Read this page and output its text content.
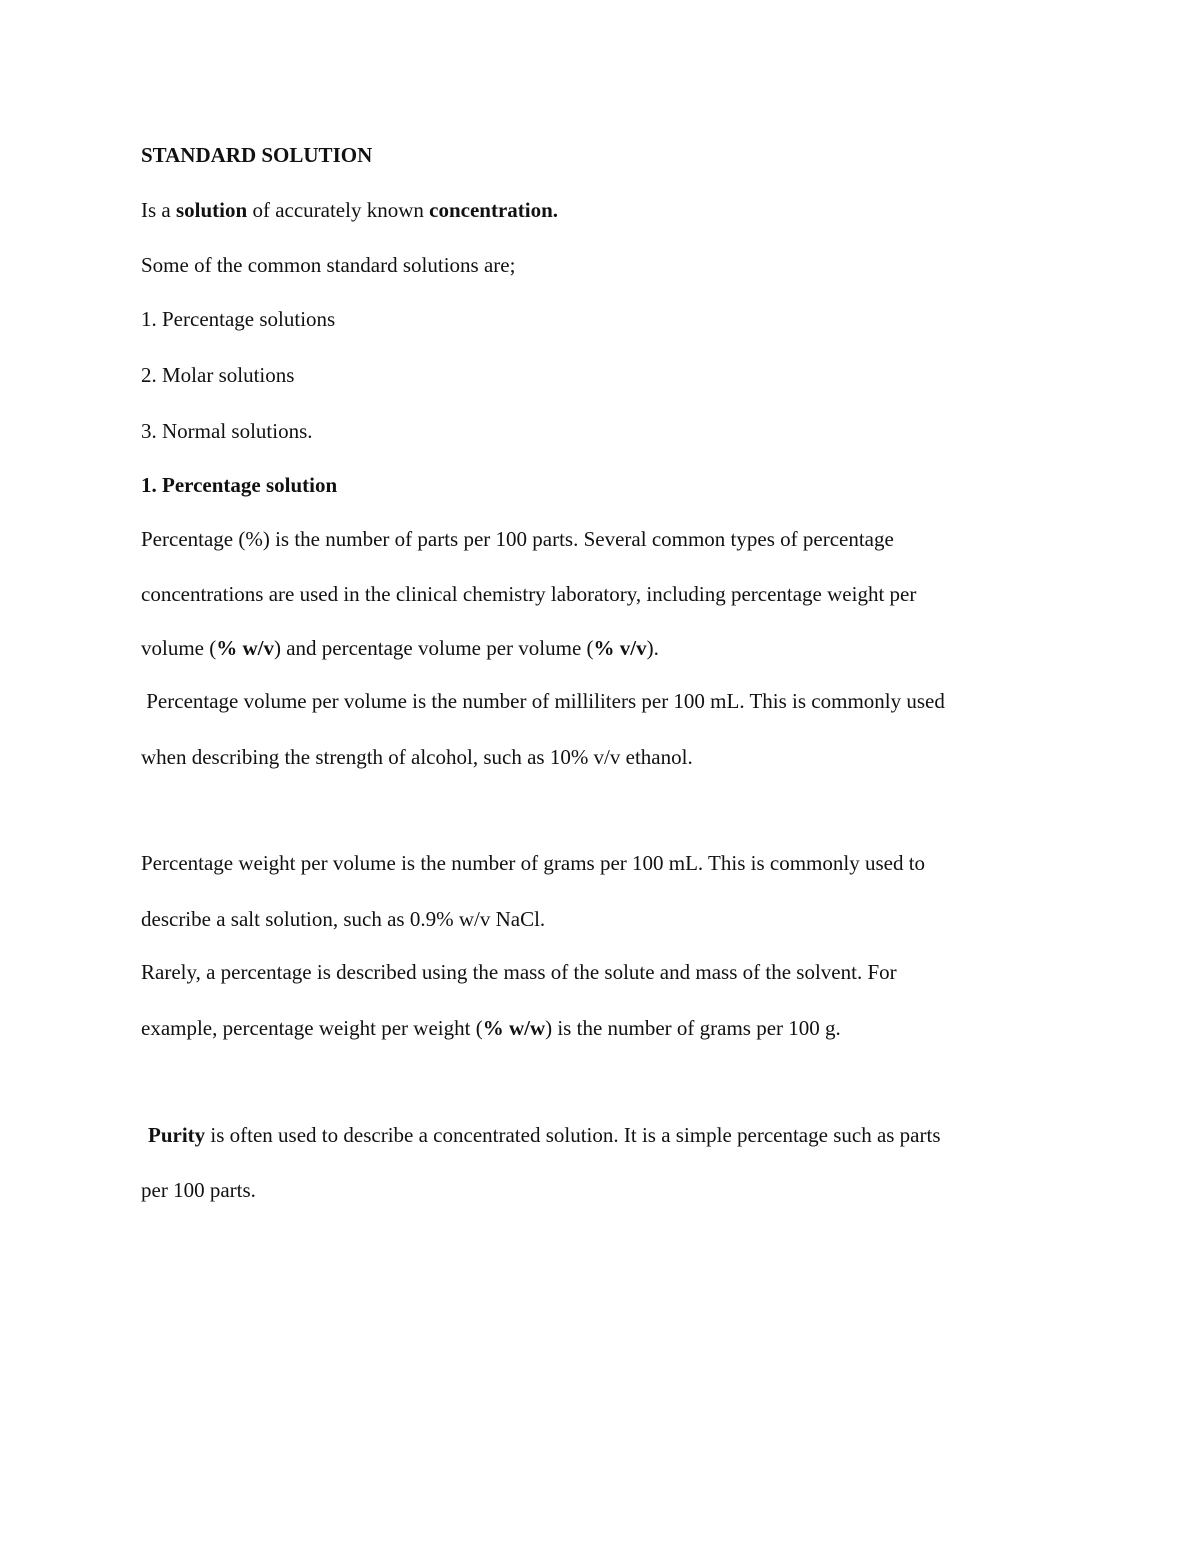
STANDARD SOLUTION
Is a solution of accurately known concentration.
Some of the common standard solutions are;
1. Percentage solutions
2. Molar solutions
3. Normal solutions.
1. Percentage solution
Percentage (%) is the number of parts per 100 parts. Several common types of percentage
concentrations are used in the clinical chemistry laboratory, including percentage weight per
volume (% w/v) and percentage volume per volume (% v/v).
Percentage volume per volume is the number of milliliters per 100 mL. This is commonly used
when describing the strength of alcohol, such as 10% v/v ethanol.
Percentage weight per volume is the number of grams per 100 mL. This is commonly used to
describe a salt solution, such as 0.9% w/v NaCl.
Rarely, a percentage is described using the mass of the solute and mass of the solvent. For
example, percentage weight per weight (% w/w) is the number of grams per 100 g.
Purity is often used to describe a concentrated solution. It is a simple percentage such as parts
per 100 parts.
